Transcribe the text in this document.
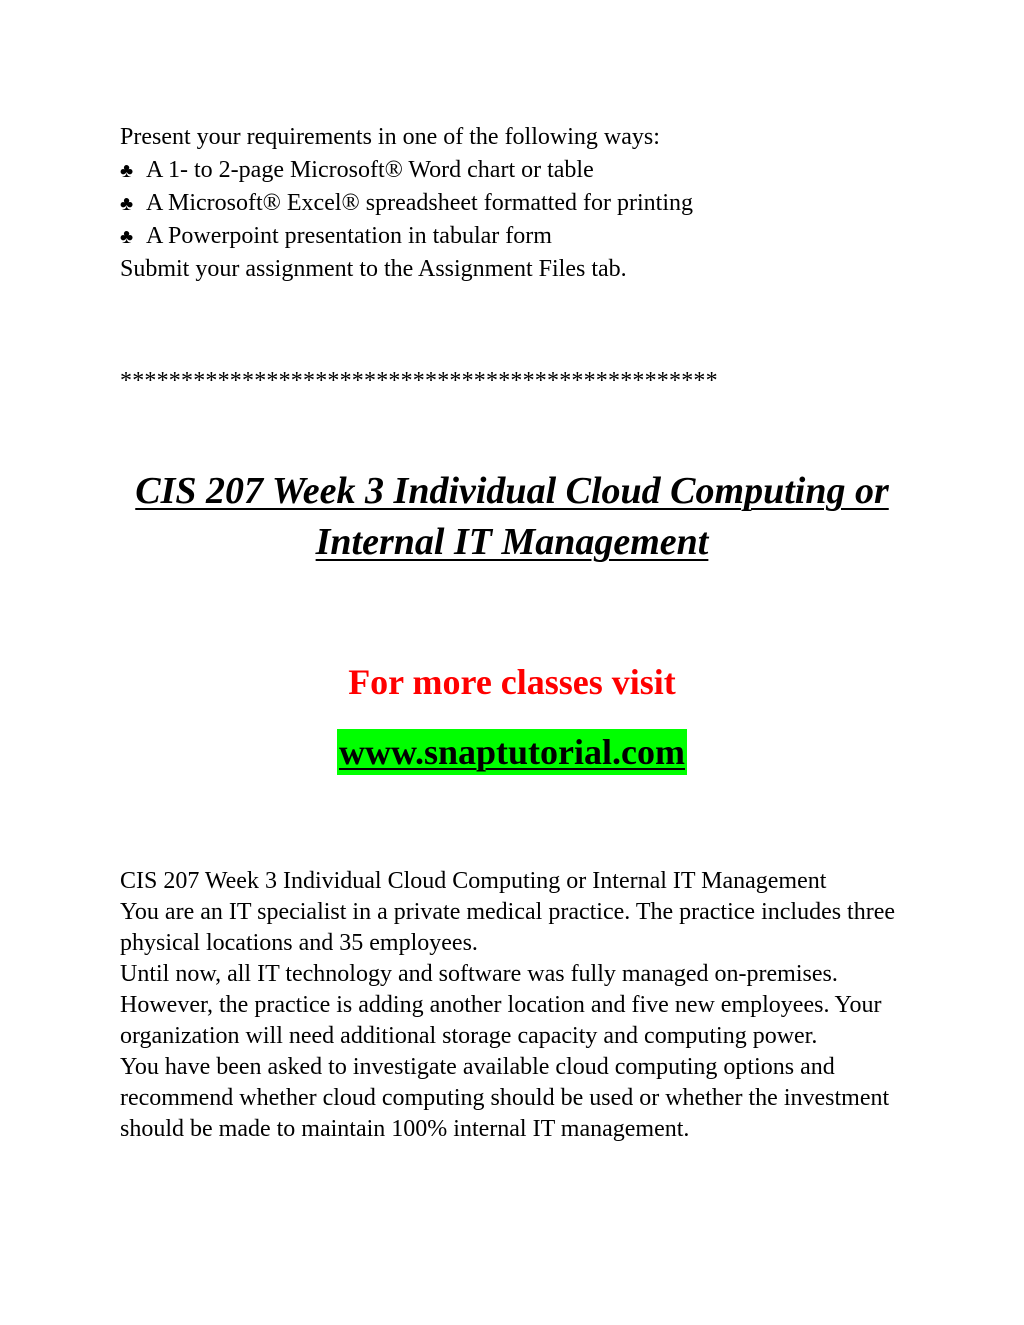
Present your requirements in one of the following ways:
♣ A 1- to 2-page Microsoft® Word chart or table
♣ A Microsoft® Excel® spreadsheet formatted for printing
♣ A Powerpoint presentation in tabular form
Submit your assignment to the Assignment Files tab.
*************************************************
CIS 207 Week 3 Individual Cloud Computing or Internal IT Management
For more classes visit
www.snaptutorial.com

CIS 207 Week 3 Individual Cloud Computing or Internal IT Management

You are an IT specialist in a private medical practice. The practice includes three physical locations and 35 employees.

Until now, all IT technology and software was fully managed on-premises. However, the practice is adding another location and five new employees. Your organization will need additional storage capacity and computing power.

You have been asked to investigate available cloud computing options and recommend whether cloud computing should be used or whether the investment should be made to maintain 100% internal IT management.
